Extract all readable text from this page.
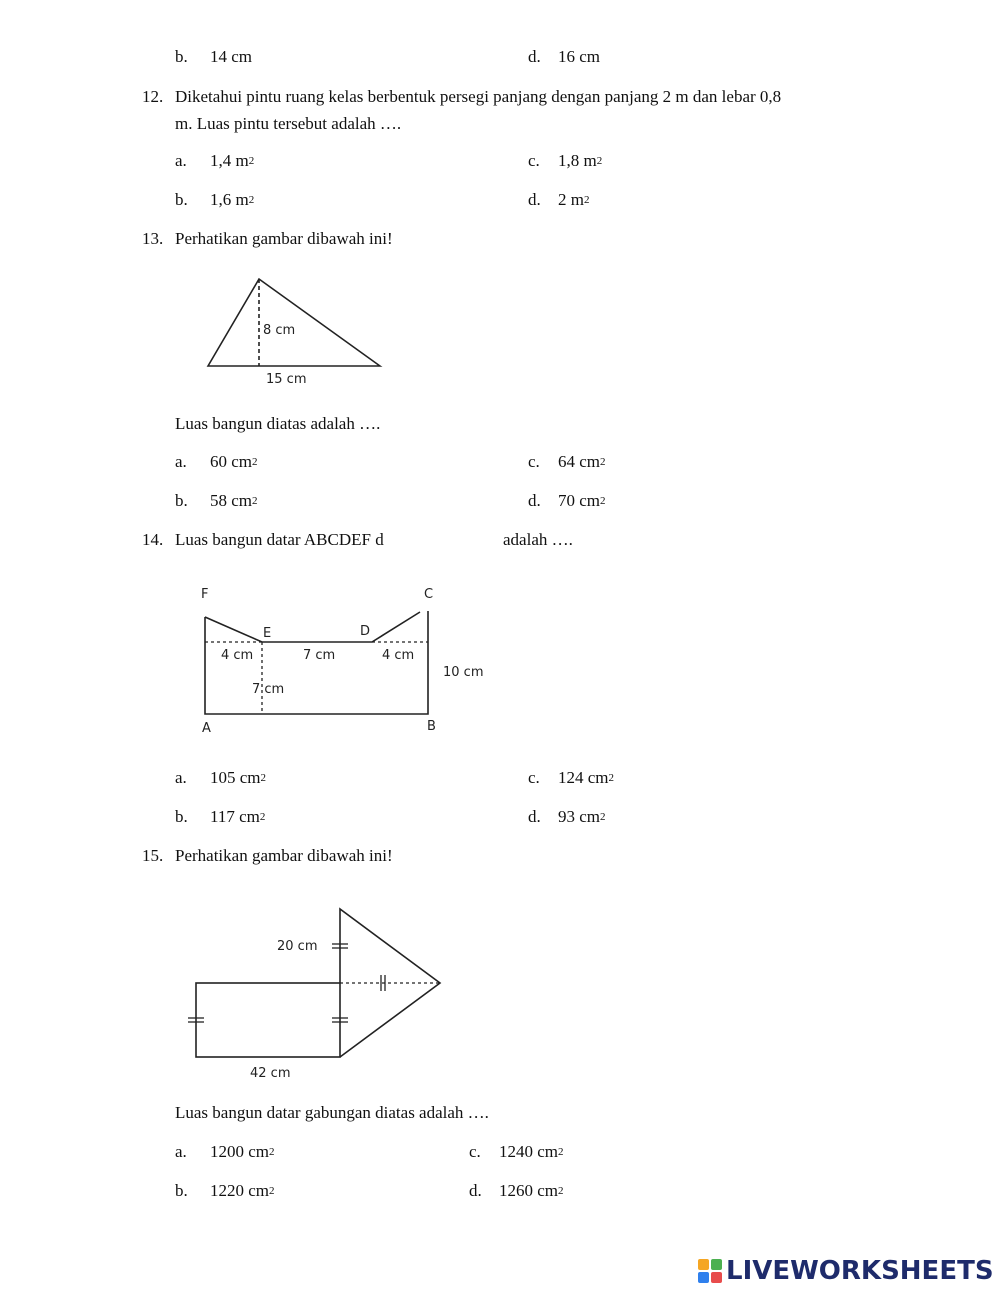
b. 14 cm	d. 16 cm
12. Diketahui pintu ruang kelas berbentuk persegi panjang dengan panjang 2 m dan lebar 0,8
m. Luas pintu tersebut adalah ….
a. 1,4 $m^2$	c. 1,8 $m^2$
b. 1,6 $m^2$	d. 2 $m^2$
13. Perhatikan gambar dibawah ini!
8 cm
15 cm
Luas bangun diatas adalah ….
a. 60 $cm^2$	c. 64 $cm^2$
b. 58 $cm^2$	d. 70 $cm^2$
14. Luas bangun datar ABCDEF d	adalah ….
F	C
E	D
A	B
4 cm	7 cm	4 cm
7 cm
10 cm
a. 105 $cm^2$	c. 124 $cm^2$
b. 117 $cm^2$	d. 93 $cm^2$
15. Perhatikan gambar dibawah ini!
20 cm
42 cm
Luas bangun datar gabungan diatas adalah ….
a. 1200 $cm^2$	c. 1240 $cm^2$
b. 1220 $cm^2$	d. 1260 $cm^2$
LIVEWORKSHEETS
